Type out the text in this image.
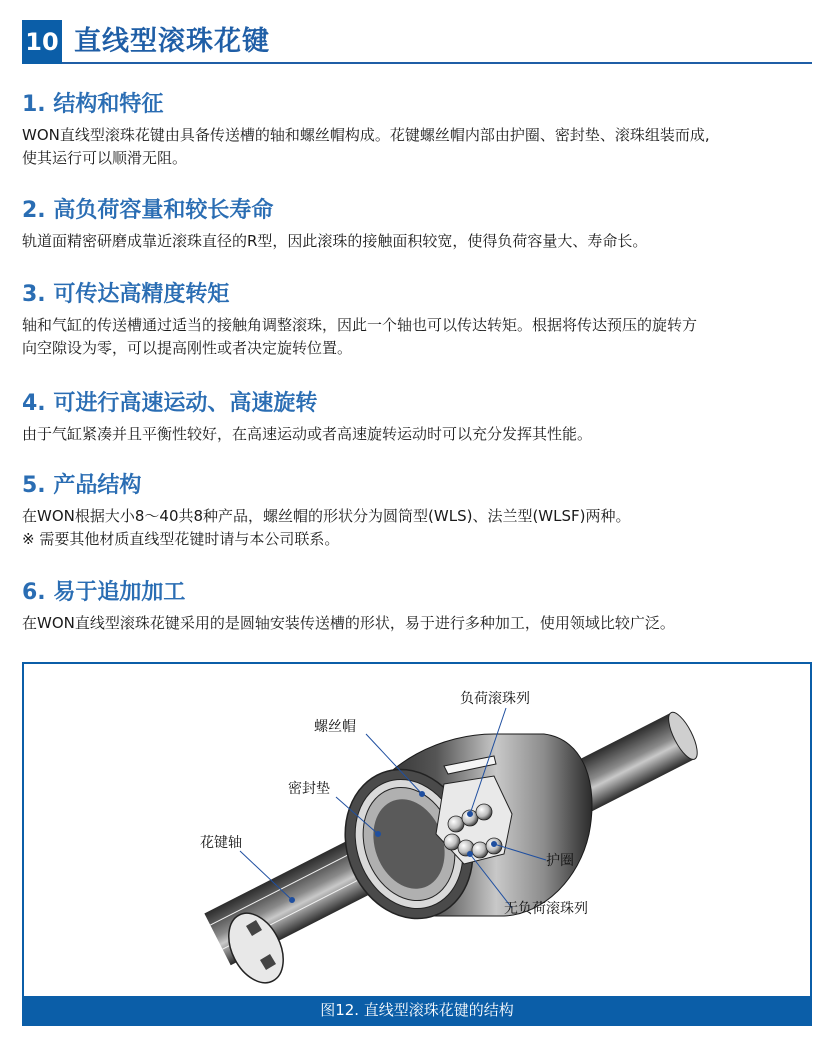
10 直线型滚珠花键
1. 结构和特征
WON直线型滚珠花键由具备传送槽的轴和螺丝帽构成。花键螺丝帽内部由护圈、密封垫、滚珠组装而成,
使其运行可以顺滑无阻。
2. 高负荷容量和较长寿命
轨道面精密研磨成靠近滚珠直径的R型，因此滚珠的接触面积较宽，使得负荷容量大、寿命长。
3. 可传达高精度转矩
轴和气缸的传送槽通过适当的接触角调整滚珠，因此一个轴也可以传达转矩。根据将传达预压的旋转方
向空隙设为零，可以提高刚性或者决定旋转位置。
4. 可进行高速运动、高速旋转
由于气缸紧凑并且平衡性较好，在高速运动或者高速旋转运动时可以充分发挥其性能。
5. 产品结构
在WON根据大小8～40共8种产品，螺丝帽的形状分为圆筒型(WLS)、法兰型(WLSF)两种。
※ 需要其他材质直线型花键时请与本公司联系。
6. 易于追加加工
在WON直线型滚珠花键采用的是圆轴安装传送槽的形状，易于进行多种加工，使用领域比较广泛。
负荷滚珠列
螺丝帽
密封垫
花键轴
护圈
无负荷滚珠列
图12. 直线型滚珠花键的结构
